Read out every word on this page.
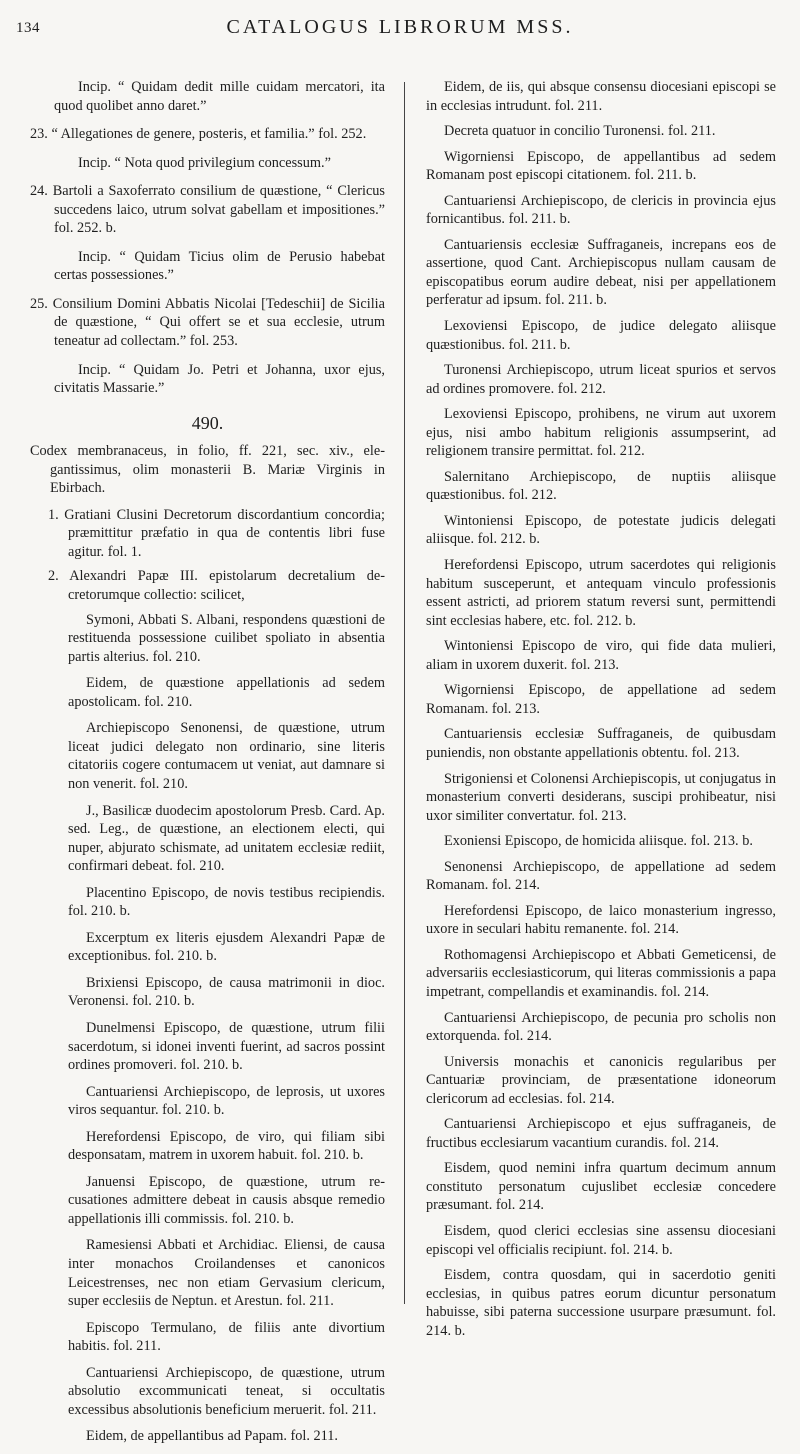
134	CATALOGUS LIBRORUM MSS.

Incip. “ Quidam dedit mille cuidam mercatori, ita quod quolibet anno daret.”

23. “ Allegationes de genere, posteris, et familia.” fol. 252.

Incip. “ Nota quod privilegium concessum.”

24. Bartoli a Saxoferrato consilium de quæstione, “ Clericus succedens laico, utrum solvat gabellam et impositiones.” fol. 252. b.

Incip. “ Quidam Ticius olim de Perusio habebat certas possessiones.”

25. Consilium Domini Abbatis Nicolai [Tedeschii] de Sicilia de quæstione, “ Qui offert se et sua ecclesie, utrum teneatur ad collectam.” fol. 253.

Incip. “ Quidam Jo. Petri et Johanna, uxor ejus, civitatis Massarie.”

490.

Codex membranaceus, in folio, ff. 221, sec. xiv., elegantissimus, olim monasterii B. Mariæ Virginis in Ebirbach.

1. Gratiani Clusini Decretorum discordantium concordia; præmittitur præfatio in qua de contentis libri fuse agitur. fol. 1.

2. Alexandri Papæ III. epistolarum decretalium decretorumque collectio: scilicet,

Symoni, Abbati S. Albani, respondens quæstioni de restituenda possessione cuilibet spoliato in absentia partis alterius. fol. 210.

Eidem, de quæstione appellationis ad sedem apostolicam. fol. 210.

Archiepiscopo Senonensi, de quæstione, utrum liceat judici delegato non ordinario, sine literis citatoriis cogere contumacem ut veniat, aut damnare si non venerit. fol. 210.

J., Basilicæ duodecim apostolorum Presb. Card. Ap. sed. Leg., de quæstione, an electionem electi, qui nuper, abjurato schismate, ad unitatem ecclesiæ rediit, confirmari debeat. fol. 210.

Placentino Episcopo, de novis testibus recipiendis. fol. 210. b.

Excerptum ex literis ejusdem Alexandri Papæ de exceptionibus. fol. 210. b.

Brixiensi Episcopo, de causa matrimonii in dioc. Veronensi. fol. 210. b.

Dunelmensi Episcopo, de quæstione, utrum filii sacerdotum, si idonei inventi fuerint, ad sacros possint ordines promoveri. fol. 210. b.

Cantuariensi Archiepiscopo, de leprosis, ut uxores viros sequantur. fol. 210. b.

Herefordensi Episcopo, de viro, qui filiam sibi desponsatam, matrem in uxorem habuit. fol. 210. b.

Januensi Episcopo, de quæstione, utrum recusationes admittere debeat in causis absque remedio appellationis illi commissis. fol. 210. b.

Ramesiensi Abbati et Archidiac. Eliensi, de causa inter monachos Croilandenses et canonicos Leicestrenses, nec non etiam Gervasium clericum, super ecclesiis de Neptun. et Arestun. fol. 211.

Episcopo Termulano, de filiis ante divortium habitis. fol. 211.

Cantuariensi Archiepiscopo, de quæstione, utrum absolutio excommunicati teneat, si occultatis excessibus absolutionis beneficium meruerit. fol. 211.

Eidem, de appellantibus ad Papam. fol. 211.

Eidem, de iis, qui absque consensu diocesiani episcopi se in ecclesias intrudunt. fol. 211.

Decreta quatuor in concilio Turonensi. fol. 211.

Wigorniensi Episcopo, de appellantibus ad sedem Romanam post episcopi citationem. fol. 211. b.

Cantuariensi Archiepiscopo, de clericis in provincia ejus fornicantibus. fol. 211. b.

Cantuariensis ecclesiæ Suffraganeis, increpans eos de assertione, quod Cant. Archiepiscopus nullam causam de episcopatibus eorum audire debeat, nisi per appellationem perferatur ad ipsum. fol. 211. b.

Lexoviensi Episcopo, de judice delegato aliisque quæstionibus. fol. 211. b.

Turonensi Archiepiscopo, utrum liceat spurios et servos ad ordines promovere. fol. 212.

Lexoviensi Episcopo, prohibens, ne virum aut uxorem ejus, nisi ambo habitum religionis assumpserint, ad religionem transire permittat. fol. 212.

Salernitano Archiepiscopo, de nuptiis aliisque quæstionibus. fol. 212.

Wintoniensi Episcopo, de potestate judicis delegati aliisque. fol. 212. b.

Herefordensi Episcopo, utrum sacerdotes qui religionis habitum susceperunt, et antequam vinculo professionis essent astricti, ad priorem statum reversi sunt, permittendi sint ecclesias habere, etc. fol. 212. b.

Wintoniensi Episcopo de viro, qui fide data mulieri, aliam in uxorem duxerit. fol. 213.

Wigorniensi Episcopo, de appellatione ad sedem Romanam. fol. 213.

Cantuariensis ecclesiæ Suffraganeis, de quibusdam puniendis, non obstante appellationis obtentu. fol. 213.

Strigoniensi et Colonensi Archiepiscopis, ut conjugatus in monasterium converti desiderans, suscipi prohibeatur, nisi uxor similiter convertatur. fol. 213.

Exoniensi Episcopo, de homicida aliisque. fol. 213. b.

Senonensi Archiepiscopo, de appellatione ad sedem Romanam. fol. 214.

Herefordensi Episcopo, de laico monasterium ingresso, uxore in seculari habitu remanente. fol. 214.

Rothomagensi Archiepiscopo et Abbati Gemeticensi, de adversariis ecclesiasticorum, qui literas commissionis a papa impetrant, compellandis et examinandis. fol. 214.

Cantuariensi Archiepiscopo, de pecunia pro scholis non extorquenda. fol. 214.

Universis monachis et canonicis regularibus per Cantuariæ provinciam, de præsentatione idoneorum clericorum ad ecclesias. fol. 214.

Cantuariensi Archiepiscopo et ejus suffraganeis, de fructibus ecclesiarum vacantium curandis. fol. 214.

Eisdem, quod nemini infra quartum decimum annum constituto personatum cujuslibet ecclesiæ concedere præsumant. fol. 214.

Eisdem, quod clerici ecclesias sine assensu diocesiani episcopi vel officialis recipiunt. fol. 214. b.

Eisdem, contra quosdam, qui in sacerdotio geniti ecclesias, in quibus patres eorum dicuntur personatum habuisse, sibi paterna successione usurpare præsumunt. fol. 214. b.
